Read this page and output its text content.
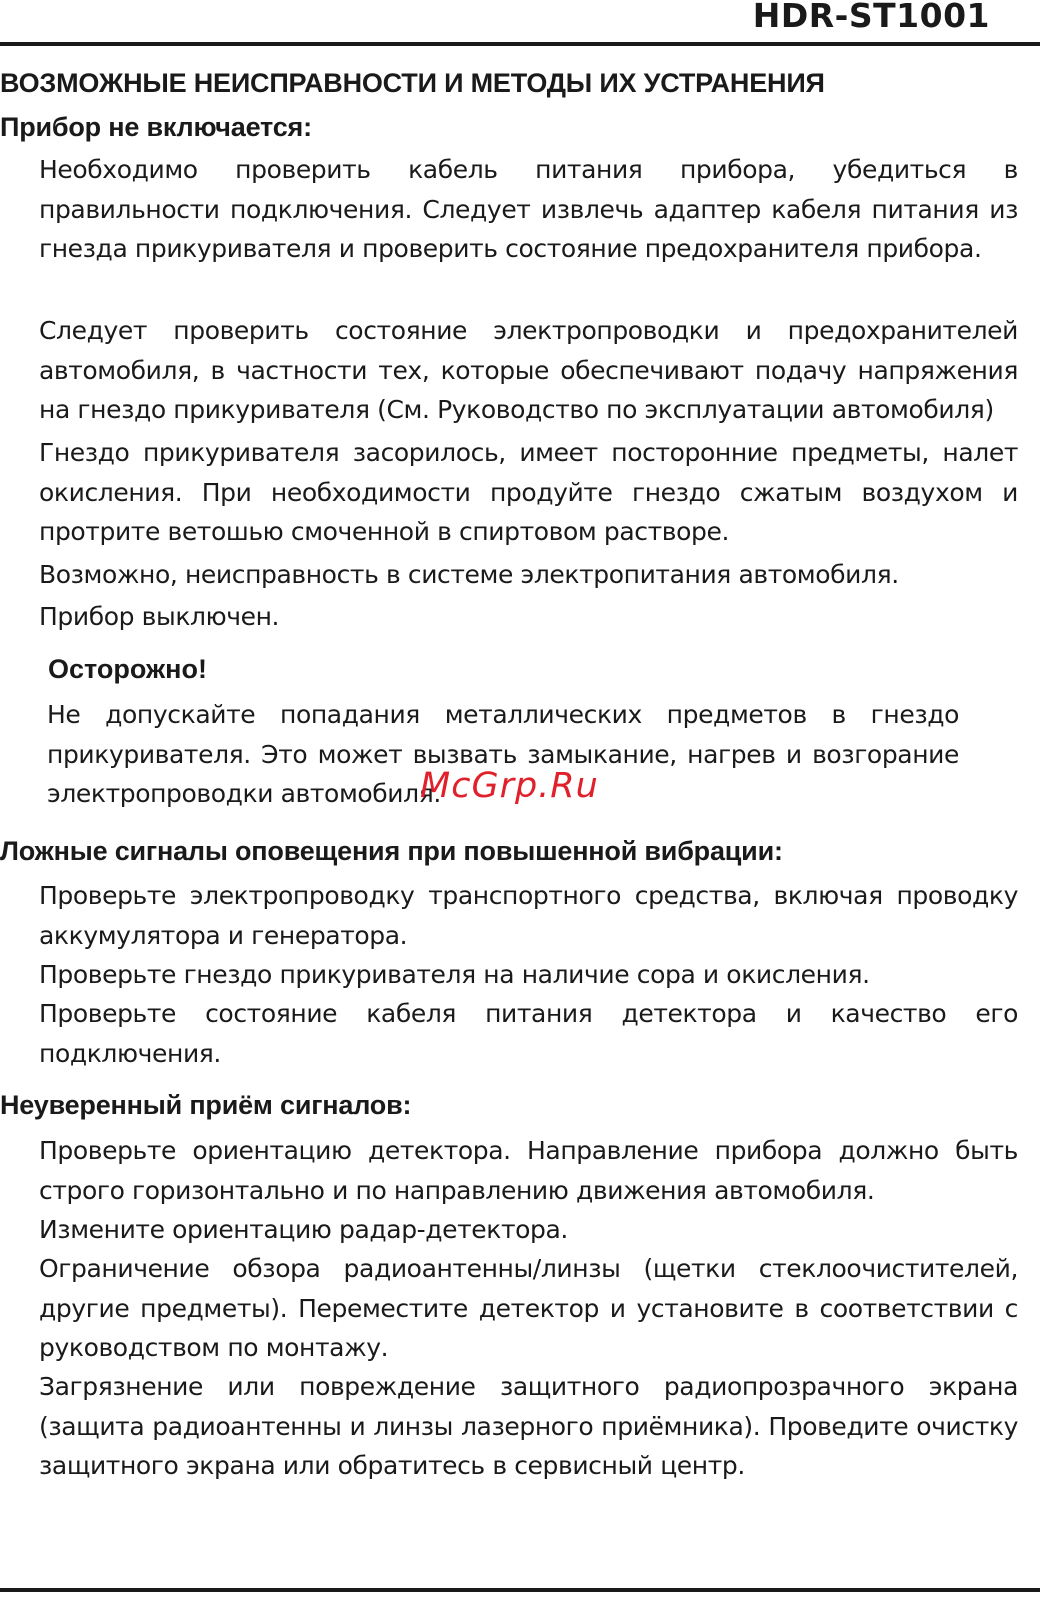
HDR-ST1001
ВОЗМОЖНЫЕ НЕИСПРАВНОСТИ И МЕТОДЫ ИХ УСТРАНЕНИЯ
Прибор не включается:
Необходимо проверить кабель питания прибора, убедиться в правильности подключения. Следует извлечь адаптер кабеля питания из гнезда прикуривателя и проверить состояние предохранителя прибора.
Следует проверить состояние электропроводки и предохранителей автомобиля, в частности тех, которые обеспечивают подачу напряжения на гнездо прикуривателя (См. Руководство по эксплуатации автомобиля)
Гнездо прикуривателя засорилось, имеет посторонние предметы, налет окисления. При необходимости продуйте гнездо сжатым воздухом и протрите ветошью смоченной в спиртовом растворе.
Возможно, неисправность в системе электропитания автомобиля.
Прибор выключен.
Осторожно!
Не допускайте попадания металлических предметов в гнездо прикуривателя. Это может вызвать замыкание, нагрев и возгорание электропроводки автомобиля.
McGrp.Ru
Ложные сигналы оповещения при повышенной вибрации:
Проверьте электропроводку транспортного средства, включая проводку аккумулятора и генератора.
Проверьте гнездо прикуривателя на наличие сора и окисления.
Проверьте состояние кабеля питания детектора и качество его подключения.
Неуверенный приём сигналов:
Проверьте ориентацию детектора. Направление прибора должно быть строго горизонтально и по направлению движения автомобиля.
Измените ориентацию радар-детектора.
Ограничение обзора радиоантенны/линзы (щетки стеклоочистителей, другие предметы). Переместите детектор и установите в соответствии с руководством по монтажу.
Загрязнение или повреждение защитного радиопрозрачного экрана (защита радиоантенны и линзы лазерного приёмника). Проведите очистку защитного экрана или обратитесь в сервисный центр.
